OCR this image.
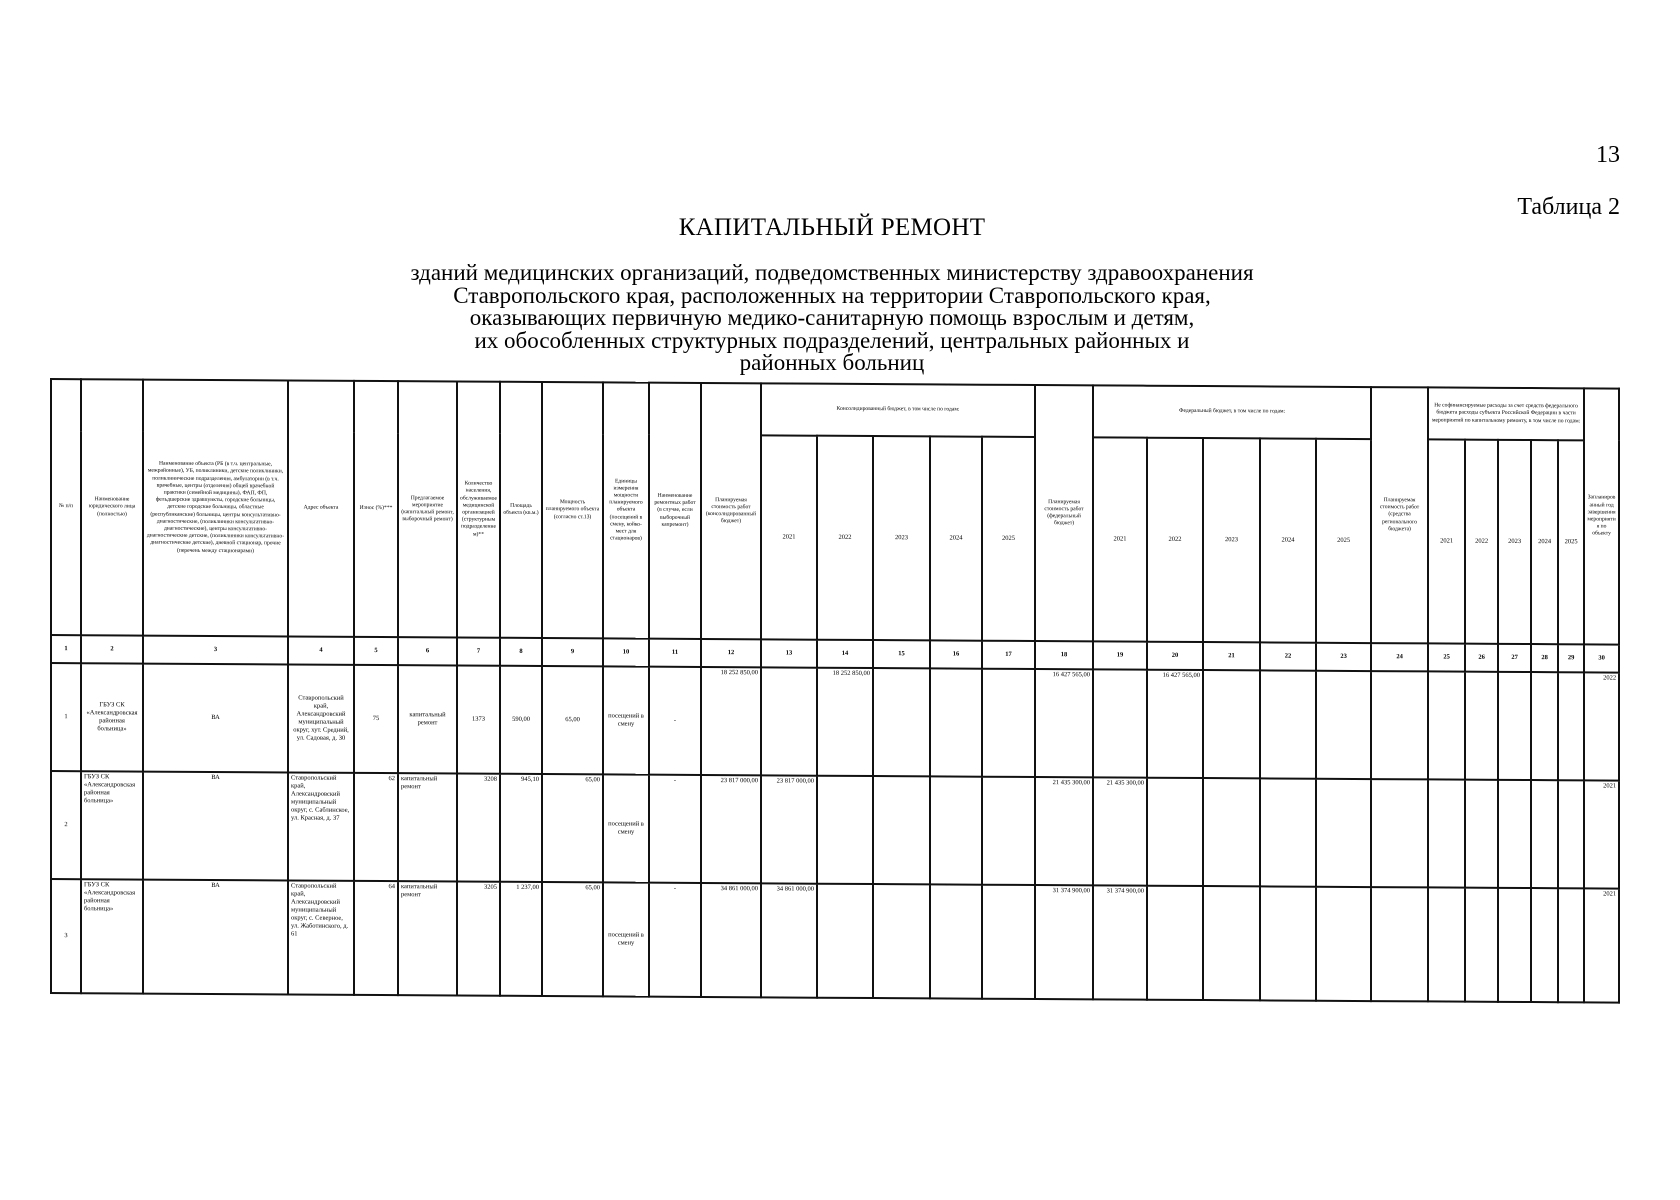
13
Таблица 2
КАПИТАЛЬНЫЙ РЕМОНТ
зданий медицинских организаций, подведомственных министерству здравоохранения
Ставропольского края, расположенных на территории Ставропольского края,
оказывающих первичную медико-санитарную помощь взрослым и детям,
их обособленных структурных подразделений, центральных районных и
районных больниц
№ п/п	Наименование юридического лица (полностью)	Наименование объекта (РБ (в т.ч. центральные, межрайонные), УБ, поликлиники, детские поликлиники, поликлинические подразделения, амбулатории (в т.ч. врачебные, центры (отделения) общей врачебной практики (семейной медицины), ФАП, ФП, фельдшерские здравпункты, городские больницы, детские городские больницы, областные (республиканские) больницы, центры консультативно-диагностические, (поликлиники консультативно-диагностические), центры консультативно-диагностические детские, (поликлиники консультативно-диагностические детские), дневной стационар, прочие (перечень между стационарами)	Адрес объекта	Износ (%)***	Предлагаемое мероприятие (капитальный ремонт, выборочный ремонт)	Количество населения, обслуживаемое медицинской организацией (структурным подразделением)**	Площадь объекта (кв.м.)	Мощность планируемого объекта (согласно ст.13)	Единицы измерения мощности планируемого объекта (посещений в смену, койко-мест для стационаров)	Наименование ремонтных работ (в случае, если выборочный капремонт)	Планируемая стоимость работ (консолидированный бюджет)	Консолидированный бюджет, в том числе по годам:					Планируемая стоимость работ (федеральный бюджет)	Федеральный бюджет, в том числе по годам:					Планируемая стоимость работ (средства регионального бюджета)	Не софинансируемые расходы за счет средств федерального бюджета расходы субъекта Российской Федерации в части мероприятий по капитальному ремонту, в том числе по годам:					Запланированный год завершения мероприятия по объекту
												2021	2022	2023	2024	2025		2021	2022	2023	2024	2025		2021	2022	2023	2024	2025	
1	2	3	4	5	6	7	8	9	10	11	12	13	14	15	16	17	18	19	20	21	22	23	24	25	26	27	28	29	30
1	ГБУЗ СК «Александровская районная больница»	ВА	Ставропольский край, Александровский муниципальный округ, хут. Средний, ул. Садовая, д. 30	75	капитальный ремонт	1373	590,00	65,00	посещений в смену	-	18 252 850,00		18 252 850,00				16 427 565,00		16 427 565,00										2022
2	ГБУЗ СК «Александровская районная больница»	ВА	Ставропольский край, Александровский муниципальный округ, с. Саблинское, ул. Красная, д. 37	62	капитальный ремонт	3208	945,10	65,00	посещений в смену	-	23 817 000,00	23 817 000,00					21 435 300,00	21 435 300,00											2021
3	ГБУЗ СК «Александровская районная больница»	ВА	Ставропольский край, Александровский муниципальный округ, с. Северное, ул. Жаботинского, д. 61	64	капитальный ремонт	3205	1 237,00	65,00	посещений в смену	-	34 861 000,00	34 861 000,00					31 374 900,00	31 374 900,00											2021
